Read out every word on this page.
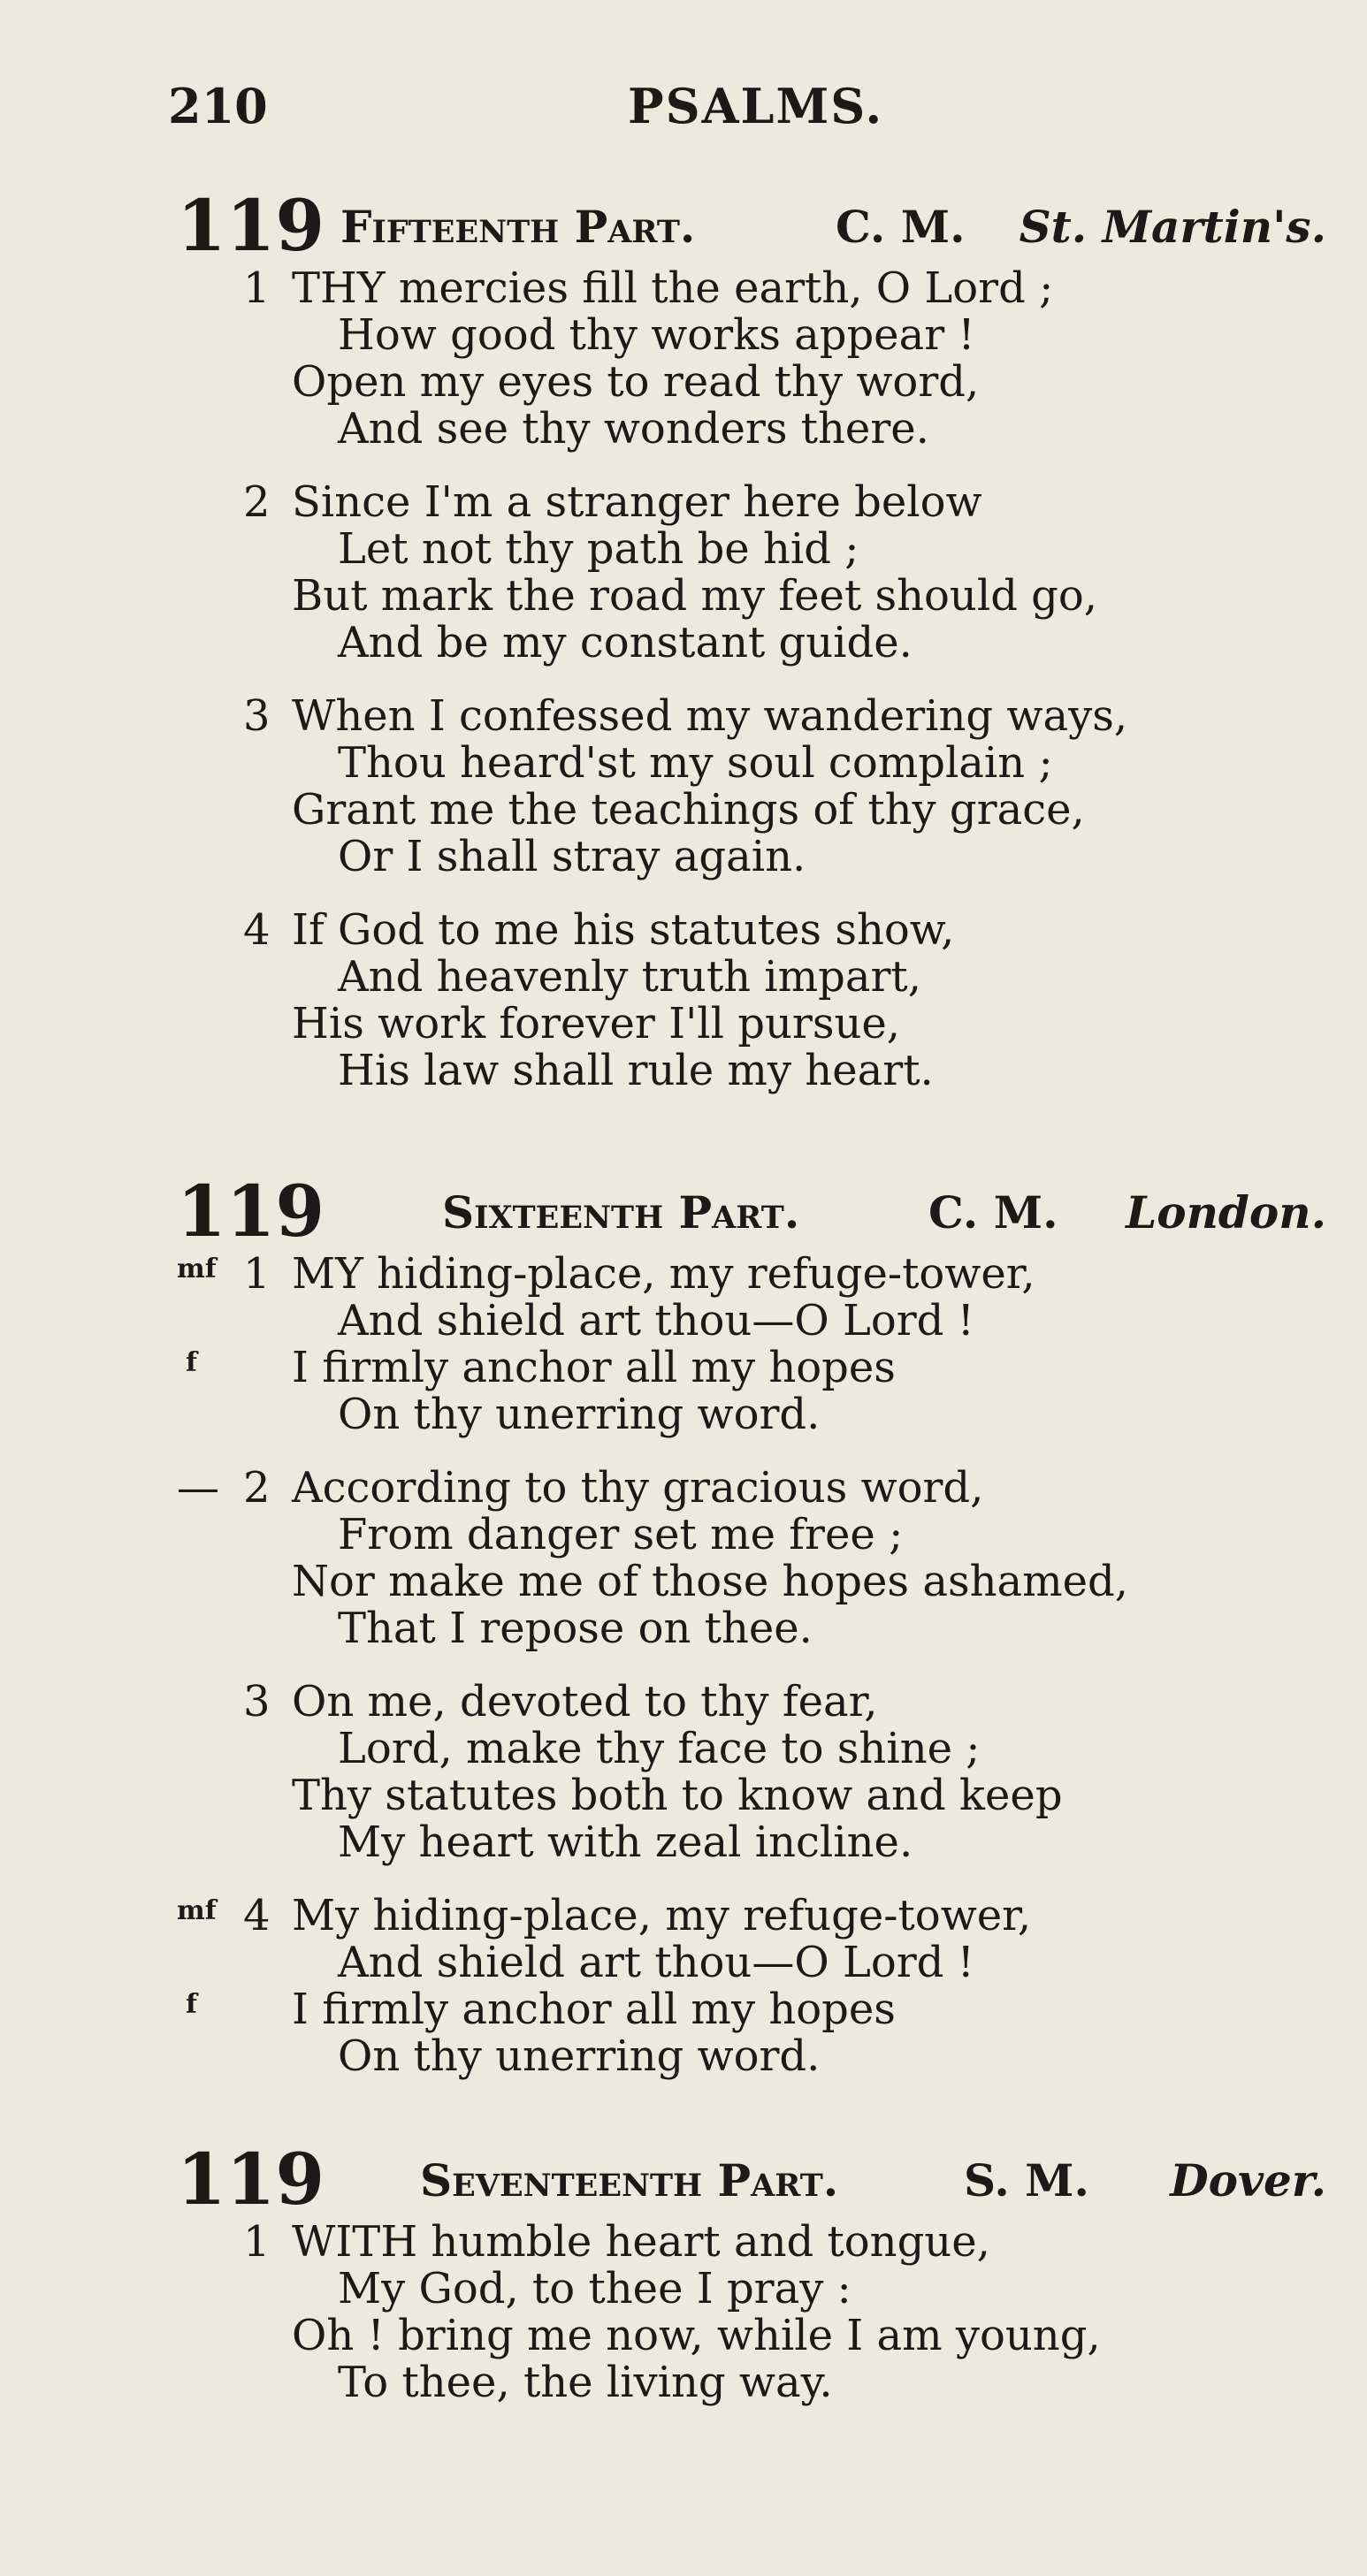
210	PSALMS.
119 Fifteenth Part.	C. M. St. Martin's.
1 THY mercies fill the earth, O Lord ;
How good thy works appear !
Open my eyes to read thy word,
And see thy wonders there.
2 Since I'm a stranger here below
Let not thy path be hid ;
But mark the road my feet should go,
And be my constant guide.
3 When I confessed my wandering ways,
Thou heard'st my soul complain ;
Grant me the teachings of thy grace,
Or I shall stray again.
4 If God to me his statutes show,
And heavenly truth impart,
His work forever I'll pursue,
His law shall rule my heart.
119	Sixteenth Part.	C. M. London.
mf 1 MY hiding-place, my refuge-tower,
And shield art thou—O Lord !
f I firmly anchor all my hopes
On thy unerring word.
— 2 According to thy gracious word,
From danger set me free ;
Nor make me of those hopes ashamed,
That I repose on thee.
3 On me, devoted to thy fear,
Lord, make thy face to shine ;
Thy statutes both to know and keep
My heart with zeal incline.
mf 4 My hiding-place, my refuge-tower,
And shield art thou—O Lord !
f I firmly anchor all my hopes
On thy unerring word.
119 Seventeenth Part.	S. M. Dover.
1 WITH humble heart and tongue,
My God, to thee I pray :
Oh ! bring me now, while I am young,
To thee, the living way.
